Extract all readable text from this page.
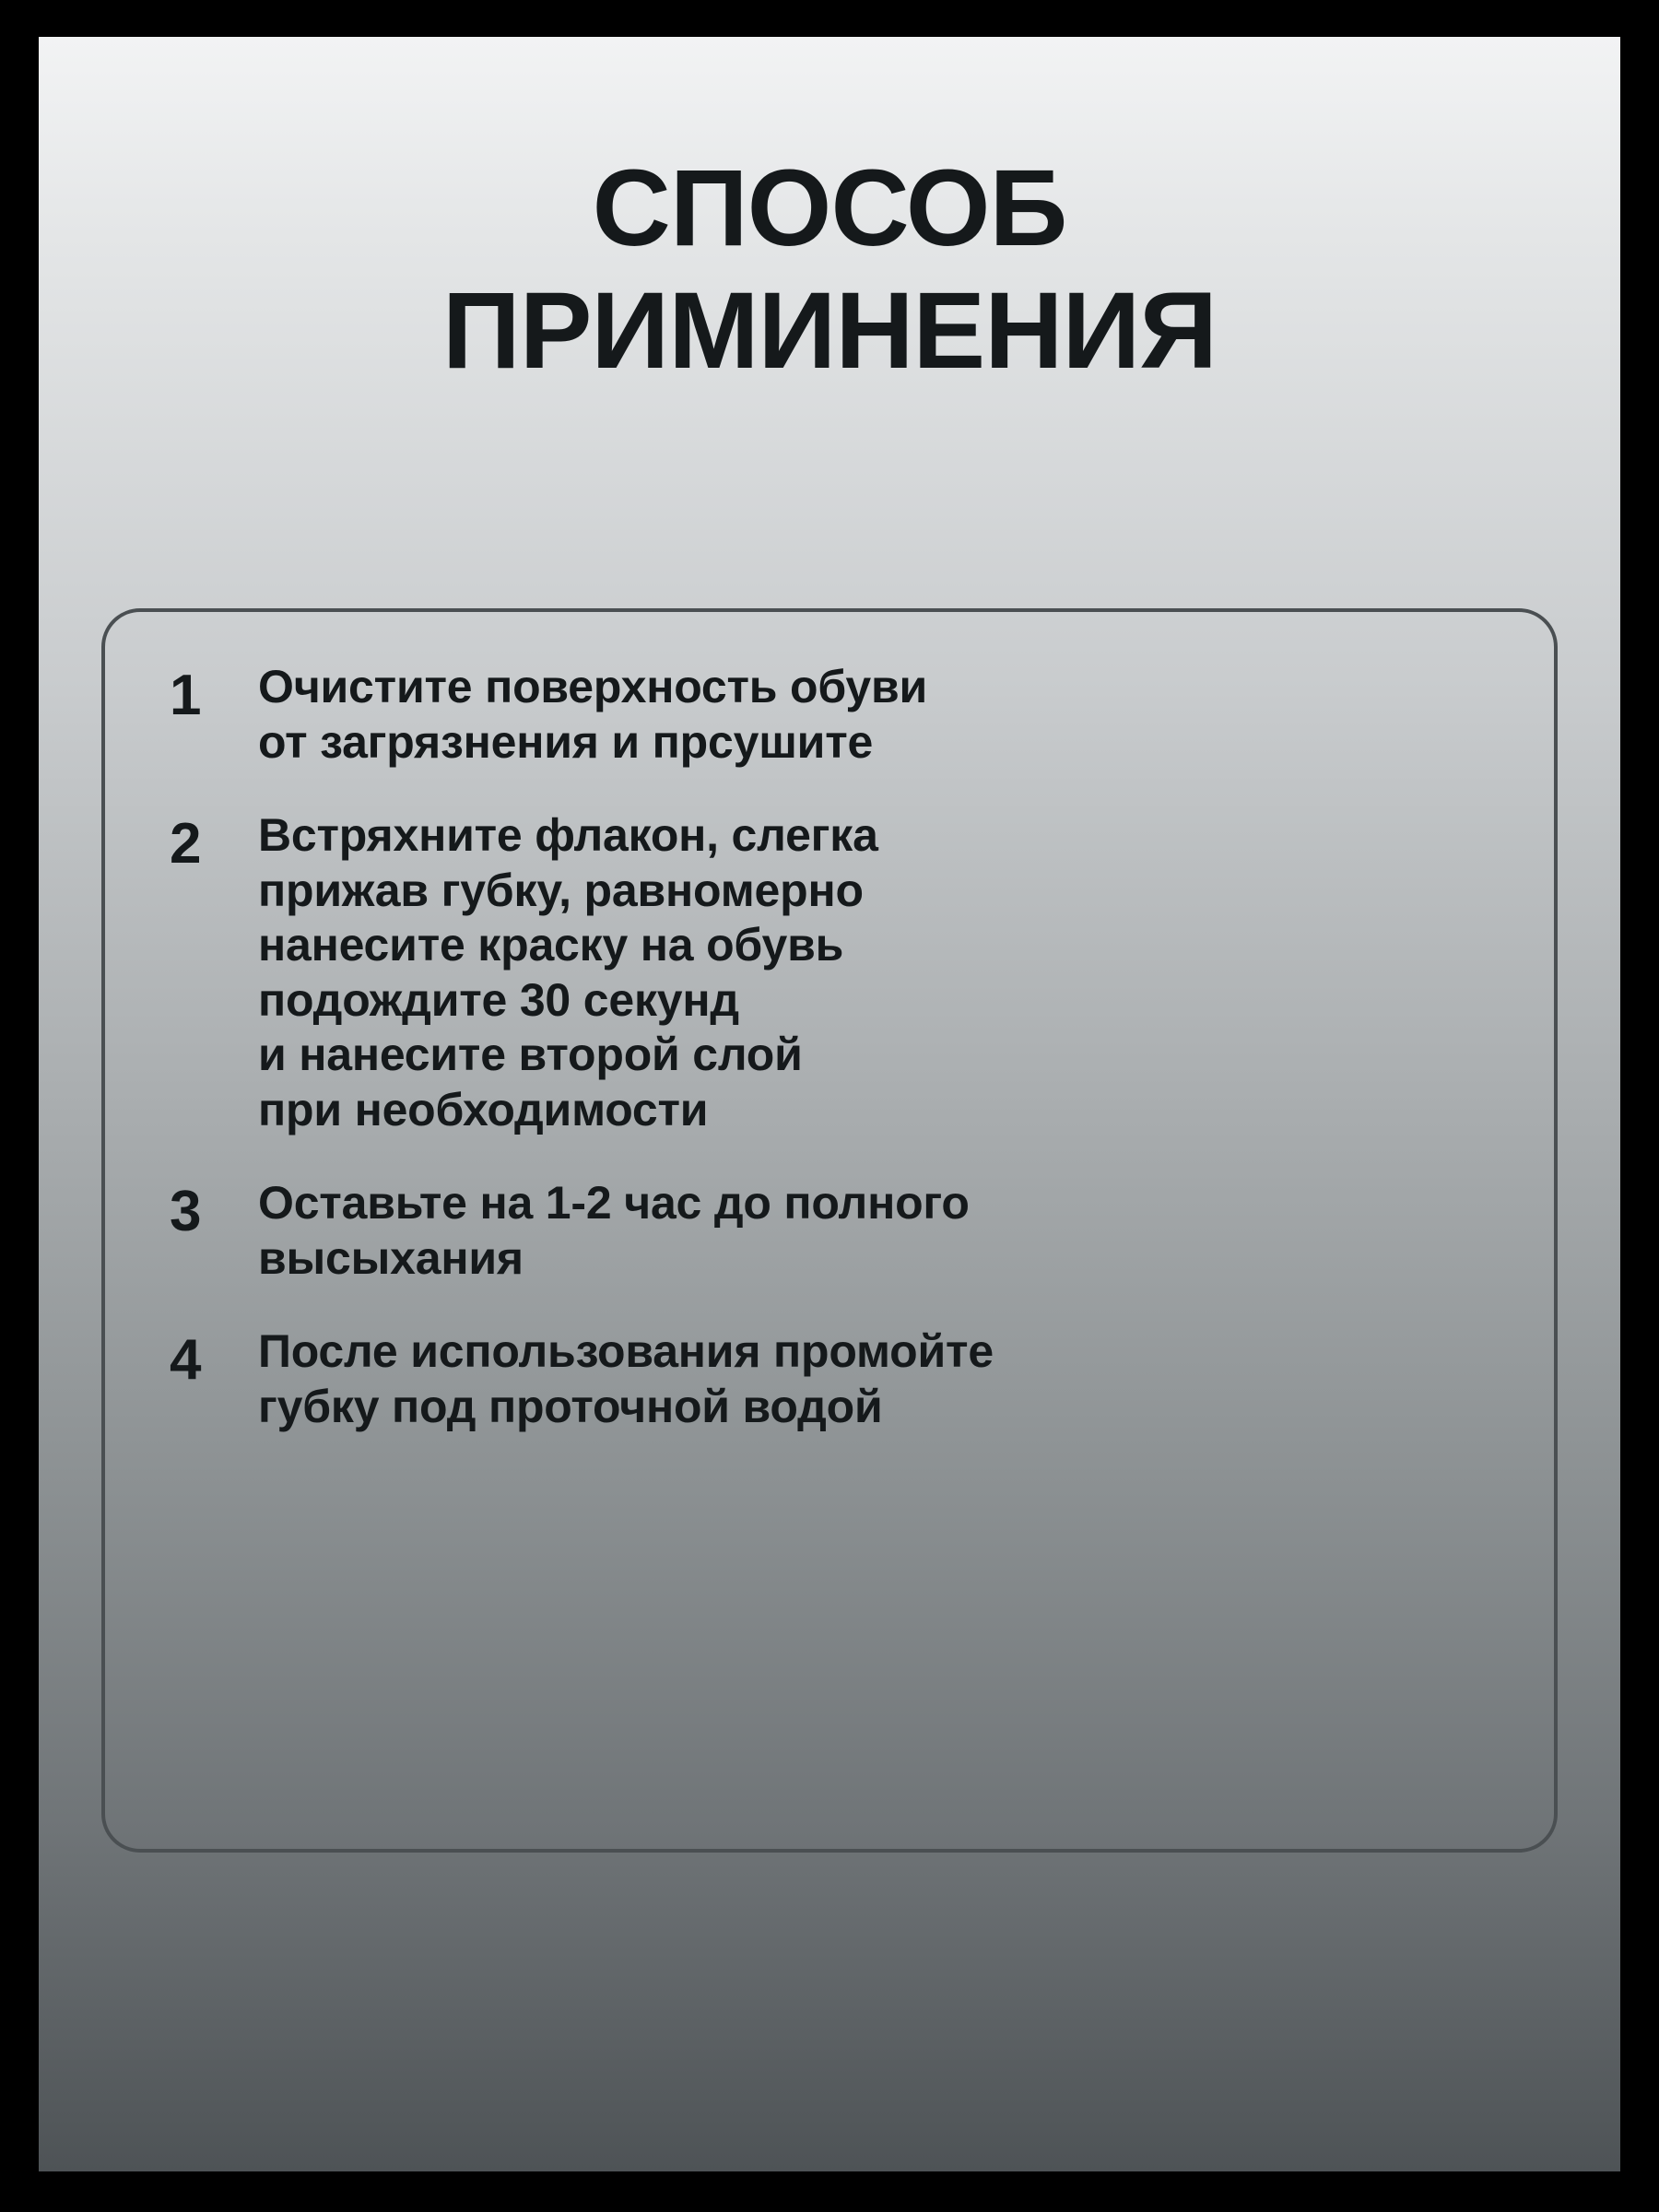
СПОСОБ
ПРИМИНЕНИЯ
1	Очистите поверхность обуви
от загрязнения и прсушите
2	Встряхните флакон, слегка
прижав губку, равномерно
нанесите краску на обувь
подождите 30 секунд
и нанесите второй слой
при необходимости
3	Оставьте на 1-2 час до полного
высыхания
4	После использования промойте
губку под проточной водой
